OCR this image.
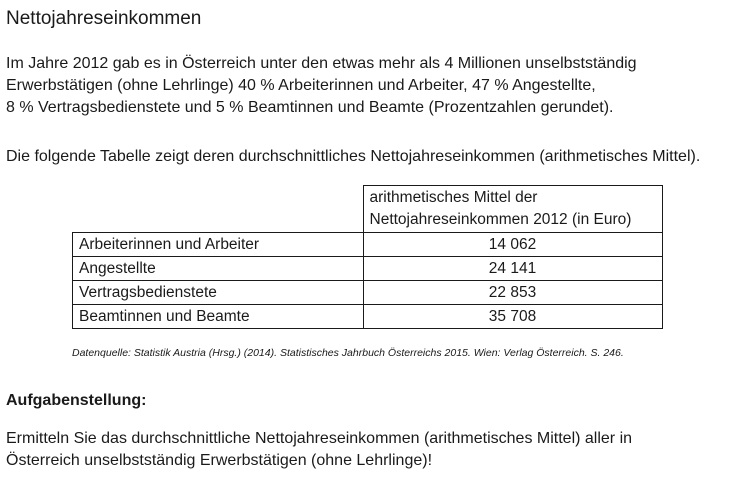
Nettojahreseinkommen
Im Jahre 2012 gab es in Österreich unter den etwas mehr als 4 Millionen unselbstständig
Erwerbstätigen (ohne Lehrlinge) 40 % Arbeiterinnen und Arbeiter, 47 % Angestellte,
8 % Vertragsbedienstete und 5 % Beamtinnen und Beamte (Prozentzahlen gerundet).
Die folgende Tabelle zeigt deren durchschnittliches Nettojahreseinkommen (arithmetisches Mittel).

	arithmetisches Mittel der
Nettojahreseinkommen 2012 (in Euro)

Arbeiterinnen und Arbeiter	14 062
Angestellte	24 141
Vertragsbedienstete	22 853
Beamtinnen und Beamte	35 708
Datenquelle: Statistik Austria (Hrsg.) (2014). Statistisches Jahrbuch Österreichs 2015. Wien: Verlag Österreich. S. 246.
Aufgabenstellung:
Ermitteln Sie das durchschnittliche Nettojahreseinkommen (arithmetisches Mittel) aller in
Österreich unselbstständig Erwerbstätigen (ohne Lehrlinge)!
